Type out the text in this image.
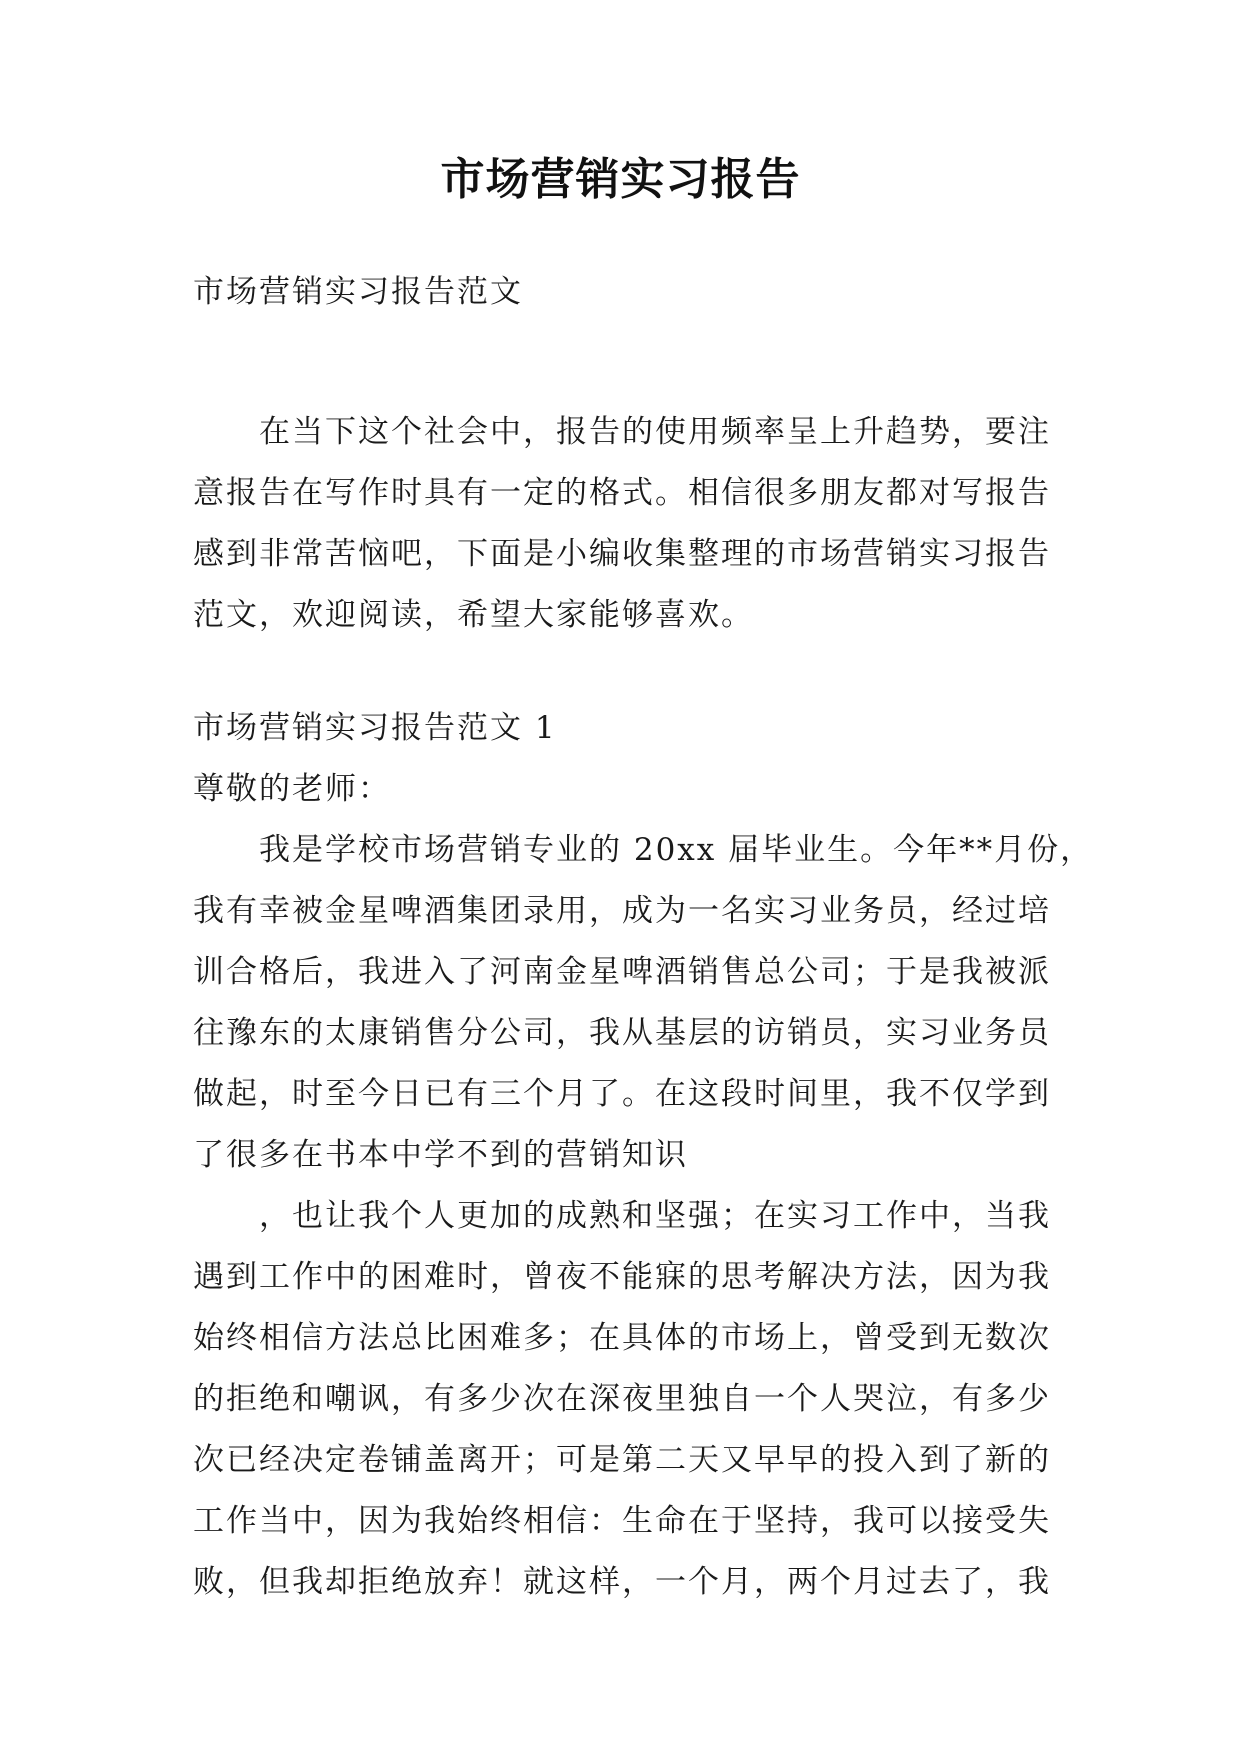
市场营销实习报告
市场营销实习报告范文
　　在当下这个社会中，报告的使用频率呈上升趋势，要注
意报告在写作时具有一定的格式。相信很多朋友都对写报告
感到非常苦恼吧，下面是小编收集整理的市场营销实习报告
范文，欢迎阅读，希望大家能够喜欢。
市场营销实习报告范文 1
尊敬的老师：
　　我是学校市场营销专业的 20xx 届毕业生。今年**月份，
我有幸被金星啤酒集团录用，成为一名实习业务员，经过培
训合格后，我进入了河南金星啤酒销售总公司；于是我被派
往豫东的太康销售分公司，我从基层的访销员，实习业务员
做起，时至今日已有三个月了。在这段时间里，我不仅学到
了很多在书本中学不到的营销知识
　　，也让我个人更加的成熟和坚强；在实习工作中，当我
遇到工作中的困难时，曾夜不能寐的思考解决方法，因为我
始终相信方法总比困难多；在具体的市场上，曾受到无数次
的拒绝和嘲讽，有多少次在深夜里独自一个人哭泣，有多少
次已经决定卷铺盖离开；可是第二天又早早的投入到了新的
工作当中，因为我始终相信：生命在于坚持，我可以接受失
败，但我却拒绝放弃！就这样，一个月，两个月过去了，我
